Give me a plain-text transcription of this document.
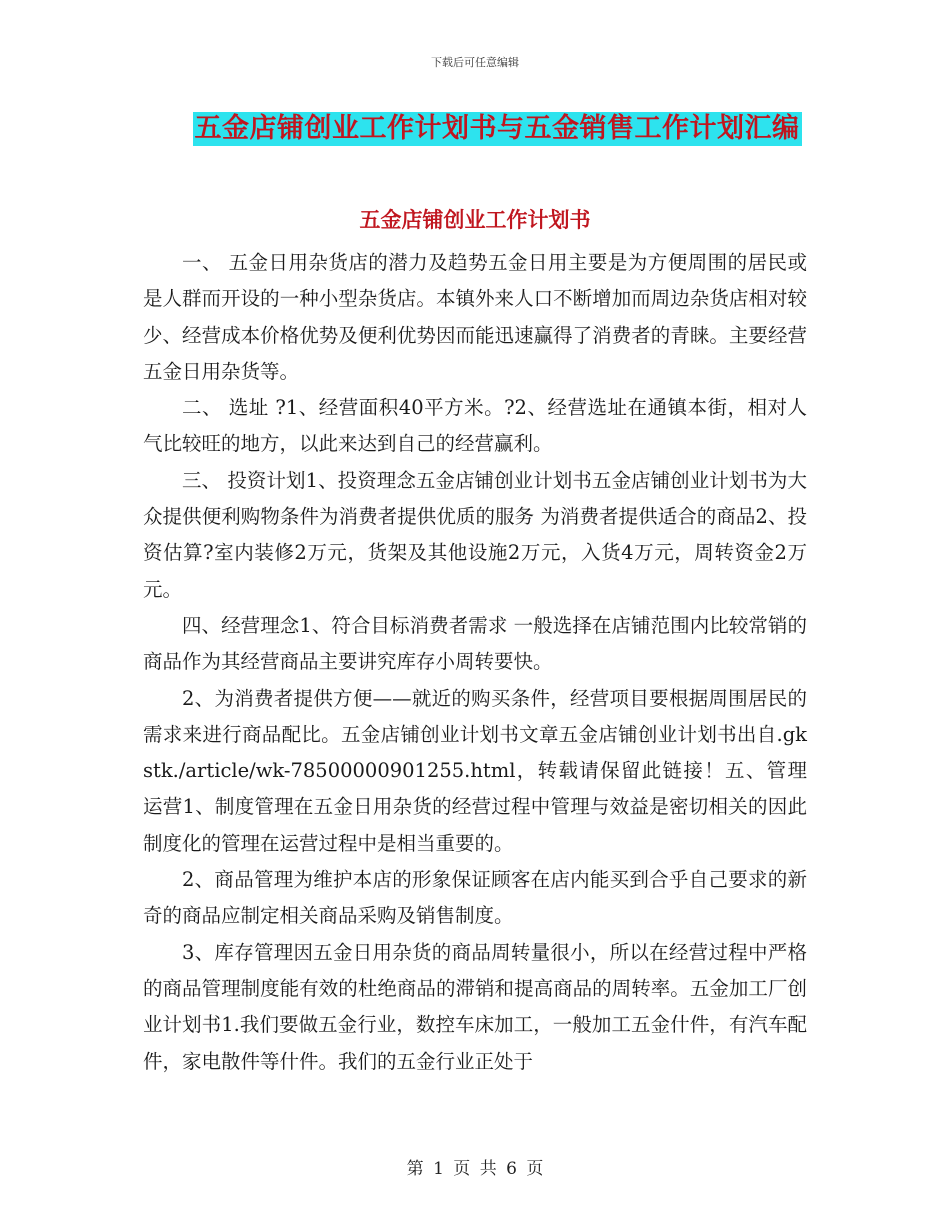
下载后可任意编辑
五金店铺创业工作计划书与五金销售工作计划汇编
五金店铺创业工作计划书

一、 五金日用杂货店的潜力及趋势五金日用主要是为方便周围的居民或是人群而开设的一种小型杂货店。本镇外来人口不断增加而周边杂货店相对较少、经营成本价格优势及便利优势因而能迅速赢得了消费者的青睐。主要经营五金日用杂货等。

二、 选址 ?1、经营面积40平方米。?2、经营选址在通镇本街，相对人气比较旺的地方，以此来达到自己的经营赢利。

三、 投资计划1、投资理念五金店铺创业计划书五金店铺创业计划书为大众提供便利购物条件为消费者提供优质的服务 为消费者提供适合的商品2、投资估算?室内装修2万元，货架及其他设施2万元，入货4万元，周转资金2万元。

四、经营理念1、符合目标消费者需求 一般选择在店铺范围内比较常销的商品作为其经营商品主要讲究库存小周转要快。

2、为消费者提供方便——就近的购买条件，经营项目要根据周围居民的需求来进行商品配比。五金店铺创业计划书文章五金店铺创业计划书出自.gkstk./article/wk-78500000901255.html，转载请保留此链接！五、管理运营1、制度管理在五金日用杂货的经营过程中管理与效益是密切相关的因此制度化的管理在运营过程中是相当重要的。

2、商品管理为维护本店的形象保证顾客在店内能买到合乎自己要求的新奇的商品应制定相关商品采购及销售制度。

3、库存管理因五金日用杂货的商品周转量很小，所以在经营过程中严格的商品管理制度能有效的杜绝商品的滞销和提高商品的周转率。五金加工厂创业计划书1.我们要做五金行业，数控车床加工，一般加工五金什件，有汽车配件，家电散件等什件。我们的五金行业正处于

第 1 页 共 6 页
